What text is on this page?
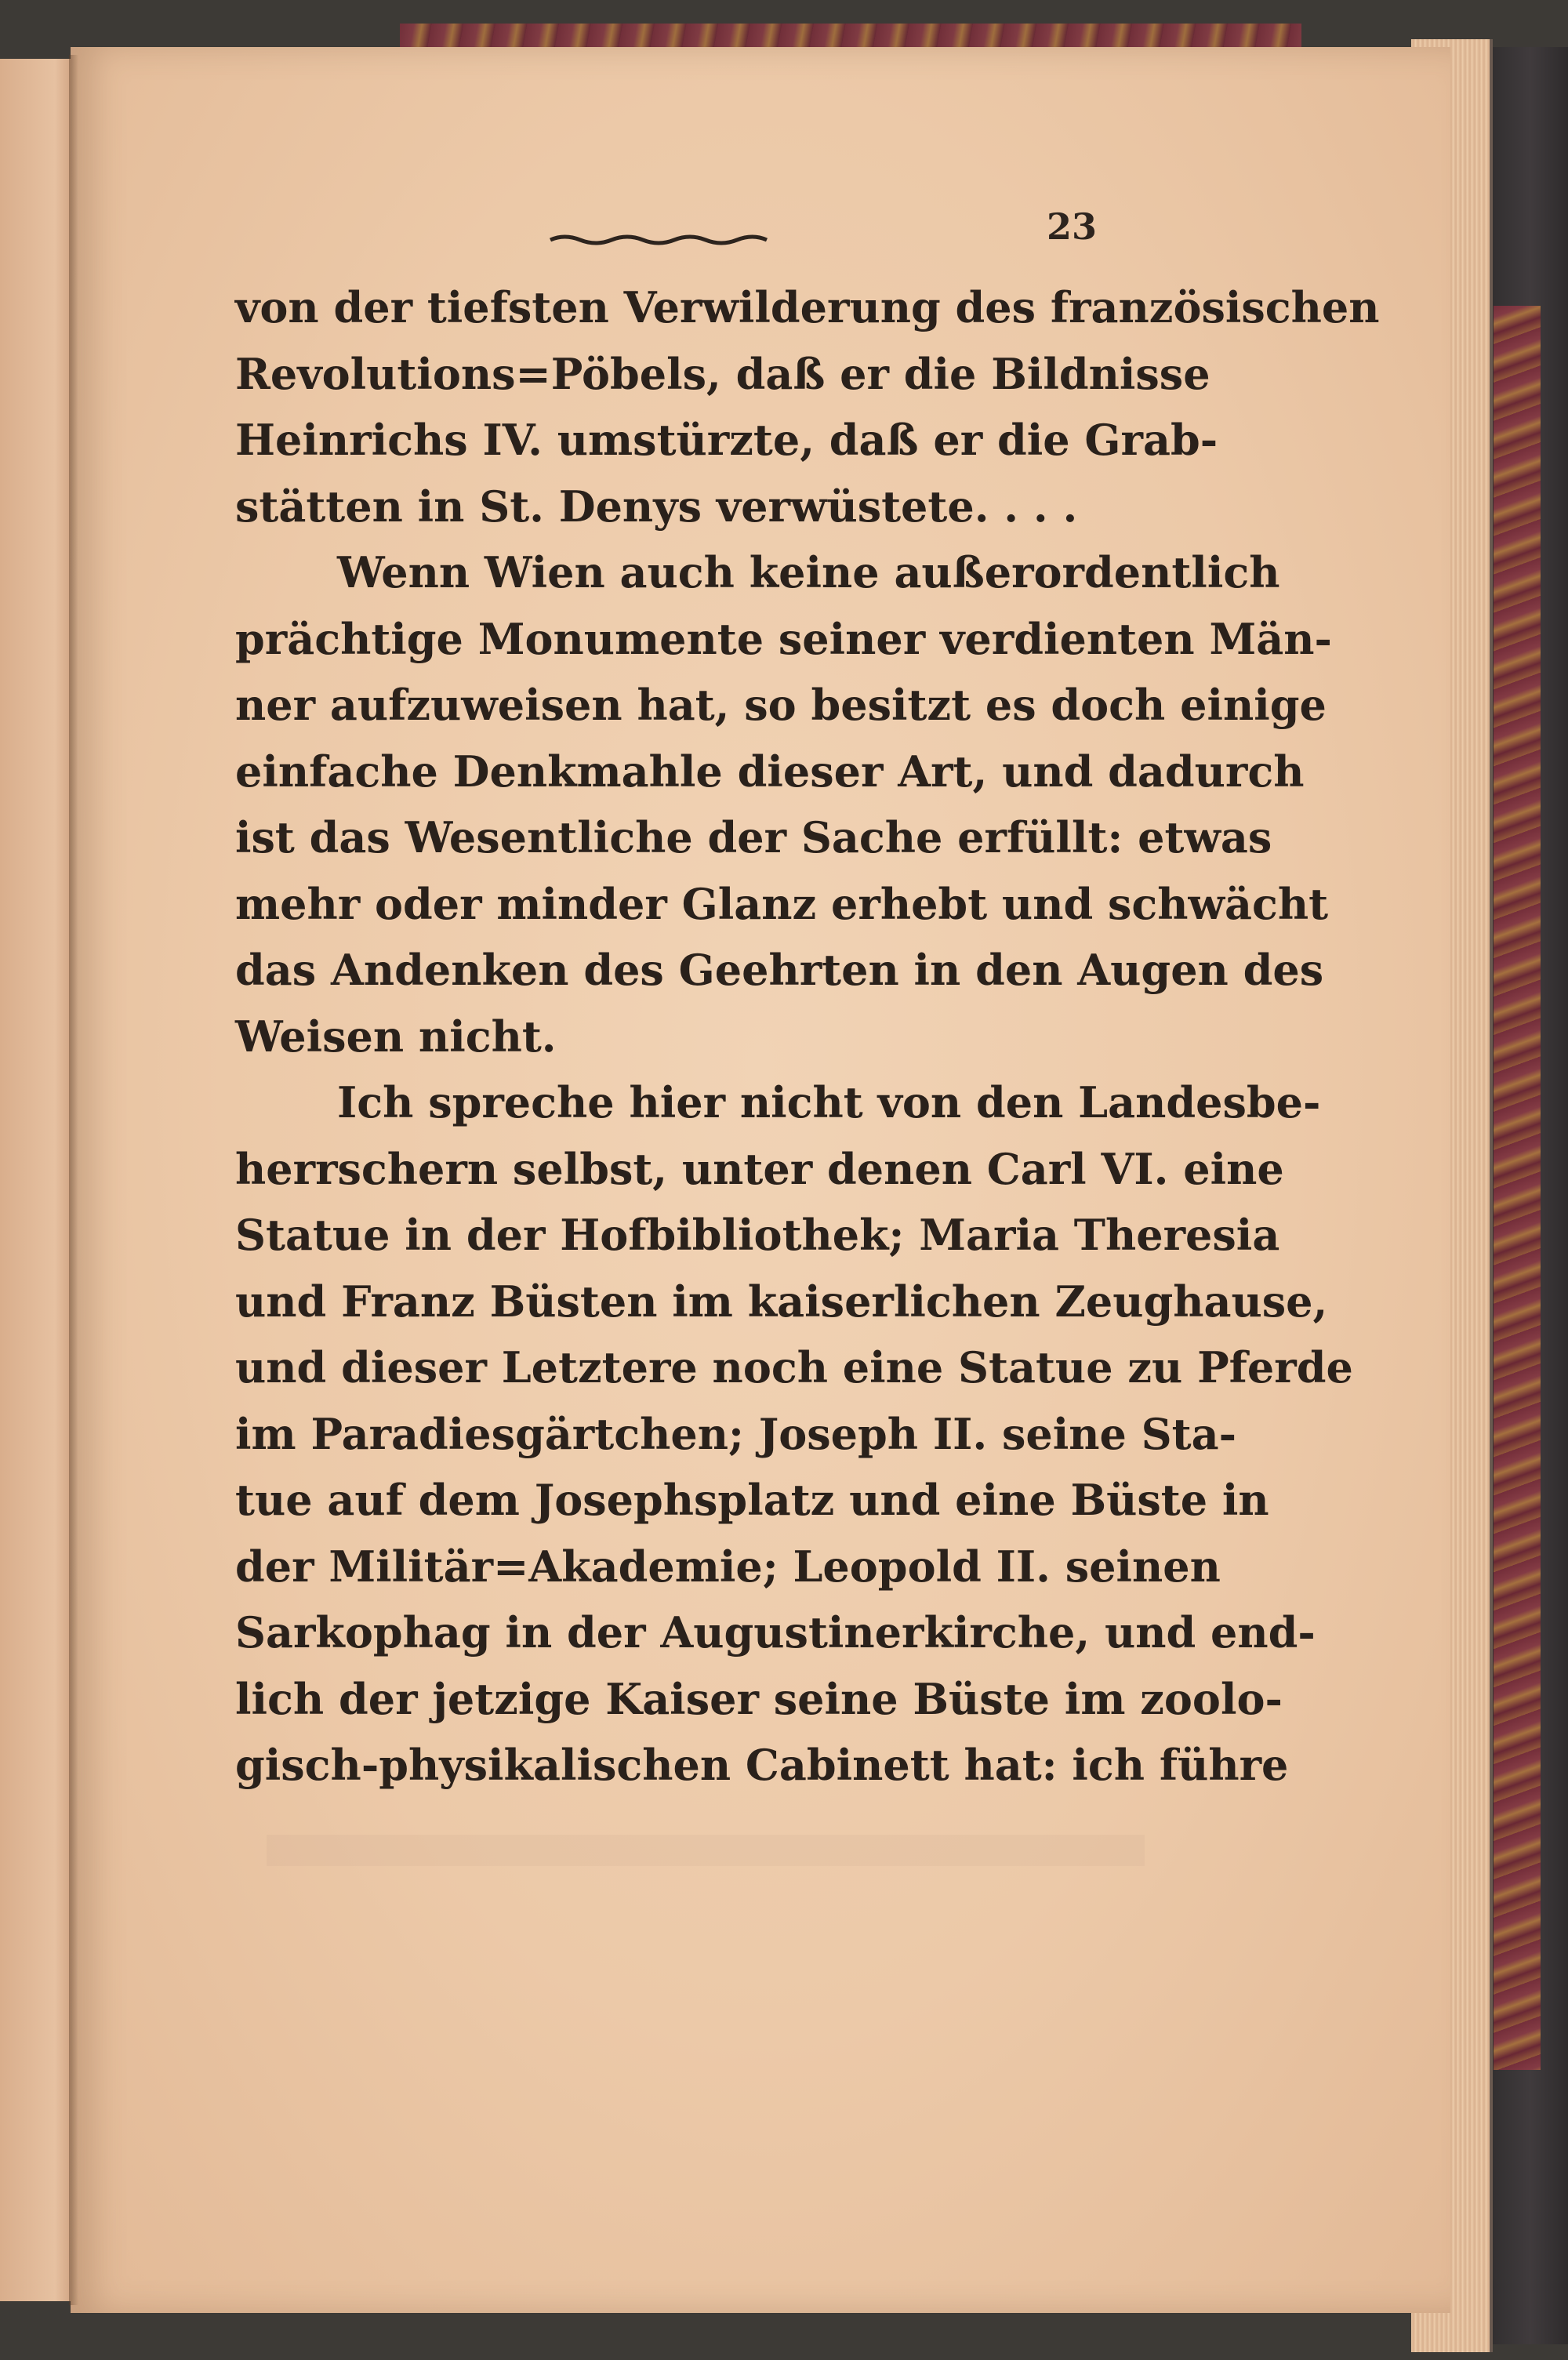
23
von der tiefsten Verwilderung des französischen
Revolutions=Pöbels, daß er die Bildnisse
Heinrichs IV. umstürzte, daß er die Grab-
stätten in St. Denys verwüstete. . . .
Wenn Wien auch keine außerordentlich
prächtige Monumente seiner verdienten Män-
ner aufzuweisen hat, so besitzt es doch einige
einfache Denkmahle dieser Art, und dadurch
ist das Wesentliche der Sache erfüllt: etwas
mehr oder minder Glanz erhebt und schwächt
das Andenken des Geehrten in den Augen des
Weisen nicht.
Ich spreche hier nicht von den Landesbe-
herrschern selbst, unter denen Carl VI. eine
Statue in der Hofbibliothek; Maria Theresia
und Franz Büsten im kaiserlichen Zeughause,
und dieser Letztere noch eine Statue zu Pferde
im Paradiesgärtchen; Joseph II. seine Sta-
tue auf dem Josephsplatz und eine Büste in
der Militär=Akademie; Leopold II. seinen
Sarkophag in der Augustinerkirche, und end-
lich der jetzige Kaiser seine Büste im zoolo-
gisch-physikalischen Cabinett hat: ich führe
